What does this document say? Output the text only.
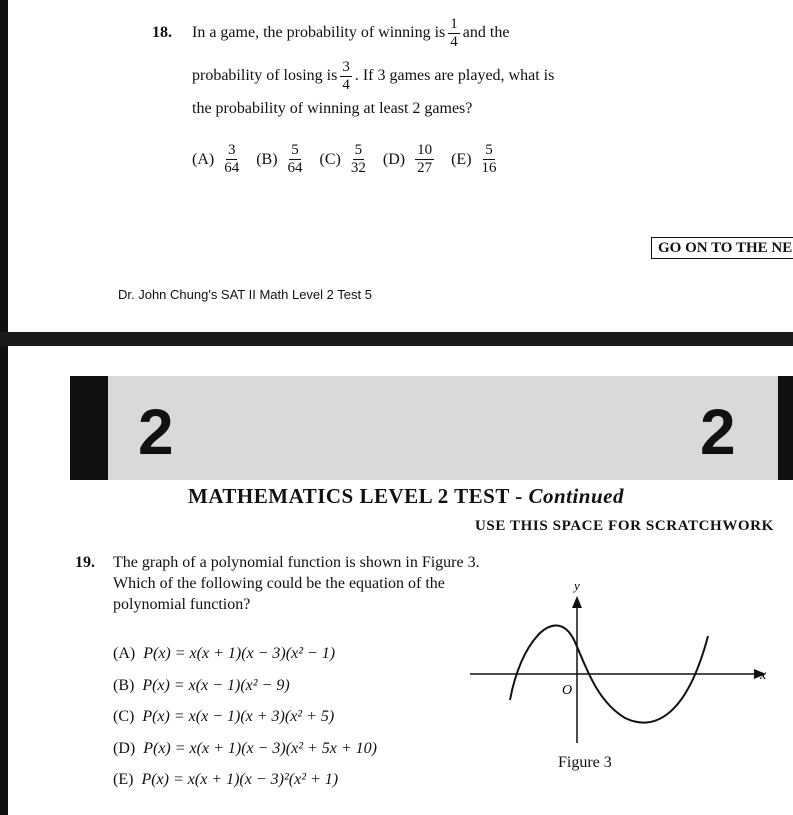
18.	In a game, the probability of winning is $\frac{1}{4}$ and the
probability of losing is $\frac{3}{4}$ . If 3 games are played, what is
the probability of winning at least 2 games?
$(A) \frac{3}{64} (B) \frac{5}{64} (C) \frac{5}{32} (D) \frac{10}{27} (E) \frac{5}{16}$
GO ON TO THE NE
Dr. John Chung's SAT II Math Level 2 Test 5
2	2
MATHEMATICS LEVEL 2 TEST - Continued
USE THIS SPACE FOR SCRATCHWORK
19.	The graph of a polynomial function is shown in Figure 3.
Which of the following could be the equation of the
polynomial function?
(A) P(x) = x(x + 1)(x − 3)(x² − 1)
(B) P(x) = x(x − 1)(x² − 9)
(C) P(x) = x(x − 1)(x + 3)(x² + 5)
(D) P(x) = x(x + 1)(x − 3)(x² + 5x + 10)
(E) P(x) = x(x + 1)(x − 3)²(x² + 1)
y
x
O
Figure 3
